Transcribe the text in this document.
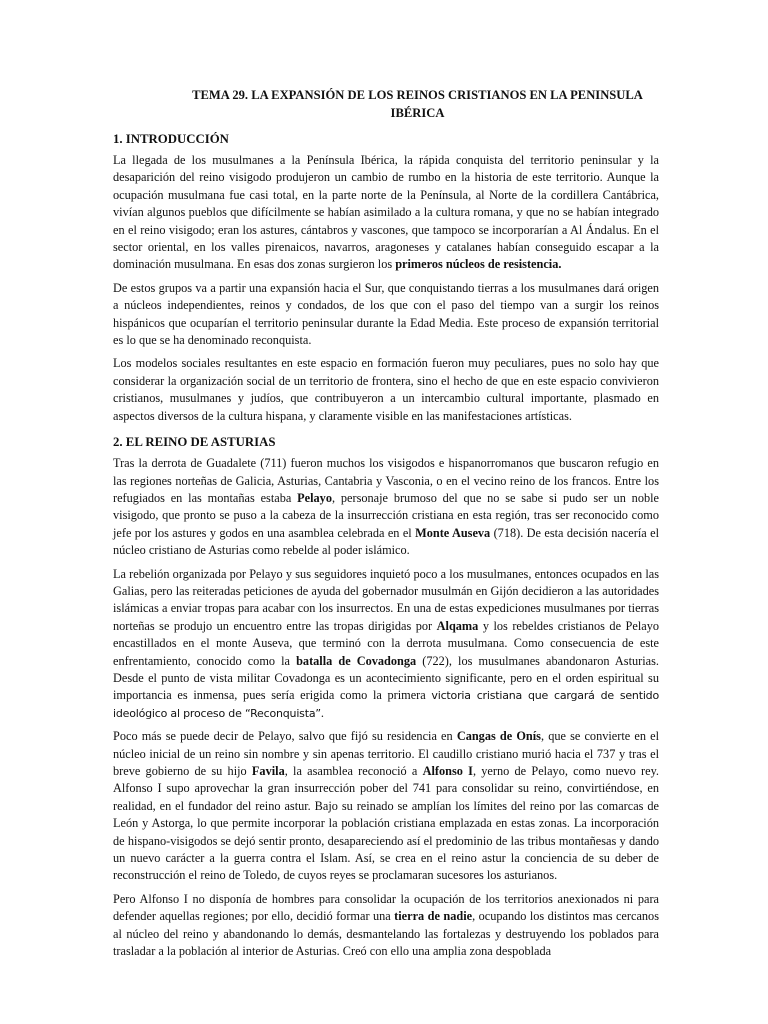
TEMA 29. LA EXPANSIÓN DE LOS REINOS CRISTIANOS EN LA PENINSULA IBÉRICA
1. INTRODUCCIÓN

La llegada de los musulmanes a la Península Ibérica, la rápida conquista del territorio peninsular y la desaparición del reino visigodo produjeron un cambio de rumbo en la historia de este territorio. Aunque la ocupación musulmana fue casi total, en la parte norte de la Península, al Norte de la cordillera Cantábrica, vivían algunos pueblos que difícilmente se habían asimilado a la cultura romana, y que no se habían integrado en el reino visigodo; eran los astures, cántabros y vascones, que tampoco se incorporarían a Al Ándalus. En el sector oriental, en los valles pirenaicos, navarros, aragoneses y catalanes habían conseguido escapar a la dominación musulmana. En esas dos zonas surgieron los primeros núcleos de resistencia.

De estos grupos va a partir una expansión hacia el Sur, que conquistando tierras a los musulmanes dará origen a núcleos independientes, reinos y condados, de los que con el paso del tiempo van a surgir los reinos hispánicos que ocuparían el territorio peninsular durante la Edad Media. Este proceso de expansión territorial es lo que se ha denominado reconquista.

Los modelos sociales resultantes en este espacio en formación fueron muy peculiares, pues no solo hay que considerar la organización social de un territorio de frontera, sino el hecho de que en este espacio convivieron cristianos, musulmanes y judíos, que contribuyeron a un intercambio cultural importante, plasmado en aspectos diversos de la cultura hispana, y claramente visible en las manifestaciones artísticas.

2. EL REINO DE ASTURIAS

Tras la derrota de Guadalete (711) fueron muchos los visigodos e hispanorromanos que buscaron refugio en las regiones norteñas de Galicia, Asturias, Cantabria y Vasconia, o en el vecino reino de los francos. Entre los refugiados en las montañas estaba Pelayo, personaje brumoso del que no se sabe si pudo ser un noble visigodo, que pronto se puso a la cabeza de la insurrección cristiana en esta región, tras ser reconocido como jefe por los astures y godos en una asamblea celebrada en el Monte Auseva (718). De esta decisión nacería el núcleo cristiano de Asturias como rebelde al poder islámico.

La rebelión organizada por Pelayo y sus seguidores inquietó poco a los musulmanes, entonces ocupados en las Galias, pero las reiteradas peticiones de ayuda del gobernador musulmán en Gijón decidieron a las autoridades islámicas a enviar tropas para acabar con los insurrectos. En una de estas expediciones musulmanes por tierras norteñas se produjo un encuentro entre las tropas dirigidas por Alqama y los rebeldes cristianos de Pelayo encastillados en el monte Auseva, que terminó con la derrota musulmana. Como consecuencia de este enfrentamiento, conocido como la batalla de Covadonga (722), los musulmanes abandonaron Asturias. Desde el punto de vista militar Covadonga es un acontecimiento significante, pero en el orden espiritual su importancia es inmensa, pues sería erigida como la primera victoria cristiana que cargará de sentido ideológico al proceso de “Reconquista”.

Poco más se puede decir de Pelayo, salvo que fijó su residencia en Cangas de Onís, que se convierte en el núcleo inicial de un reino sin nombre y sin apenas territorio. El caudillo cristiano murió hacia el 737 y tras el breve gobierno de su hijo Favila, la asamblea reconoció a Alfonso I, yerno de Pelayo, como nuevo rey. Alfonso I supo aprovechar la gran insurrección pober del 741 para consolidar su reino, convirtiéndose, en realidad, en el fundador del reino astur. Bajo su reinado se amplían los límites del reino por las comarcas de León y Astorga, lo que permite incorporar la población cristiana emplazada en estas zonas. La incorporación de hispano-visigodos se dejó sentir pronto, desapareciendo así el predominio de las tribus montañesas y dando un nuevo carácter a la guerra contra el Islam. Así, se crea en el reino astur la conciencia de su deber de reconstrucción el reino de Toledo, de cuyos reyes se proclamaran sucesores los asturianos.

Pero Alfonso I no disponía de hombres para consolidar la ocupación de los territorios anexionados ni para defender aquellas regiones; por ello, decidió formar una tierra de nadie, ocupando los distintos mas cercanos al núcleo del reino y abandonando lo demás, desmantelando las fortalezas y destruyendo los poblados para trasladar a la población al interior de Asturias. Creó con ello una amplia zona despoblada
